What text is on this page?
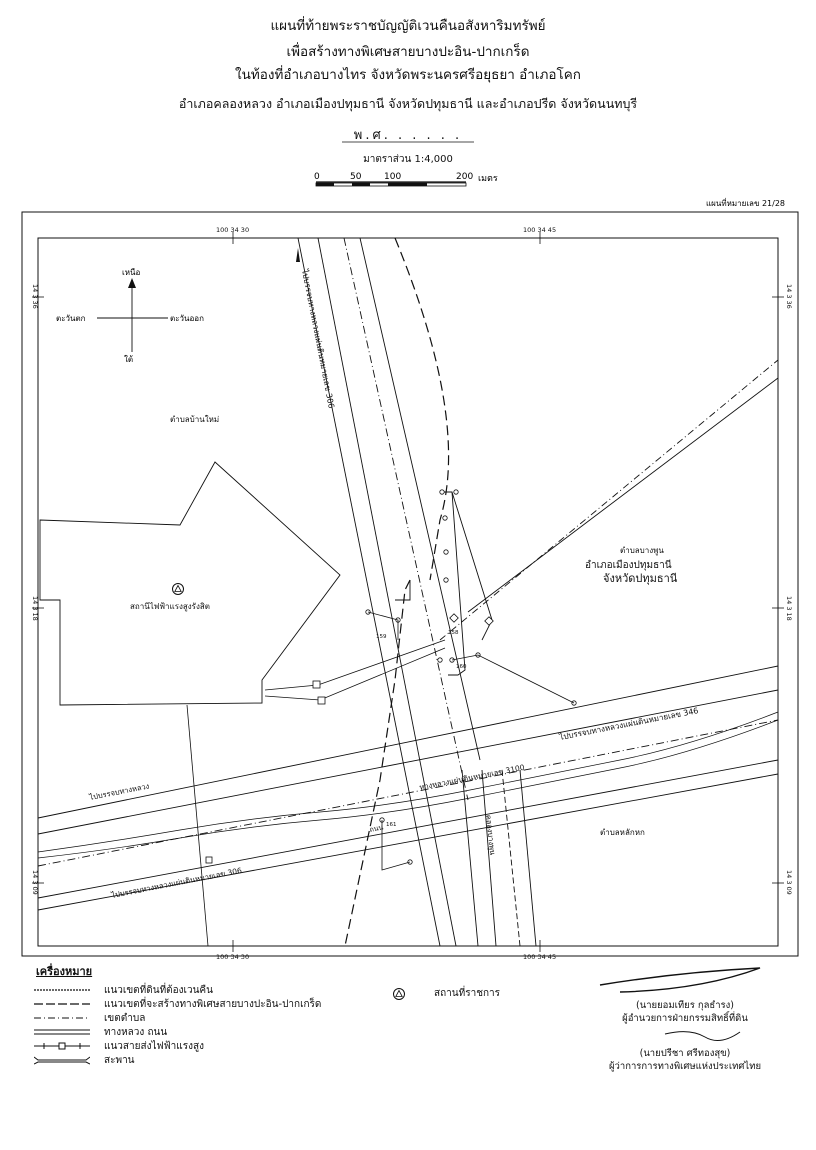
แผนที่ท้ายพระราชบัญญัติเวนคืนอสังหาริมทรัพย์
เพื่อสร้างทางพิเศษสายบางปะอิน-ปากเกร็ด
ในท้องที่อำเภอบางไทร จังหวัดพระนครศรีอยุธยา อำเภอโคก
อำเภอคลองหลวง อำเภอเมืองปทุมธานี จังหวัดปทุมธานี และอำเภอปรีด จังหวัดนนทบุรี
พ.ศ. . . . . .
มาตราส่วน 1:4,000
0	50	100	200 เมตร
แผนที่หมายเลข 21/28
100 34 30	100 34 45
100 34 30	100 34 45
14 3 36
14 3 18
14 3 09
14 3 36
14 3 18
14 3 09
เหนือ
ใต้
ตะวันตก	ตะวันออก
ตำบลบ้านใหม่
สถานีไฟฟ้าแรงสูงรังสิต
ตำบลบางพูน
อำเภอเมืองปทุมธานี
จังหวัดปทุมธานี
ตำบลหลักหก
ไปบรรจบทางหลวงแผ่นดินหมายเลข 306
ไปบรรจบทางหลวงแผ่นดินหมายเลข 346
ทางหลวงแผ่นดินหมายเลข 3100
ไปบรรจบทางหลวงแผ่นดินหมายเลข 306
ไปบรรจบทางหลวง
คลองบางพูน
ถนน
158
159
160
161
เครื่องหมาย
แนวเขตที่ดินที่ต้องเวนคืน
แนวเขตที่จะสร้างทางพิเศษสายบางปะอิน-ปากเกร็ด
เขตตำบล
ทางหลวง ถนน
แนวสายส่งไฟฟ้าแรงสูง
สะพาน
สถานที่ราชการ
(นายยอมเทียร กุลธำรง)
ผู้อำนวยการฝ่ายกรรมสิทธิ์ที่ดิน
(นายปรีชา ศรีทองสุข)
ผู้ว่าการการทางพิเศษแห่งประเทศไทย
